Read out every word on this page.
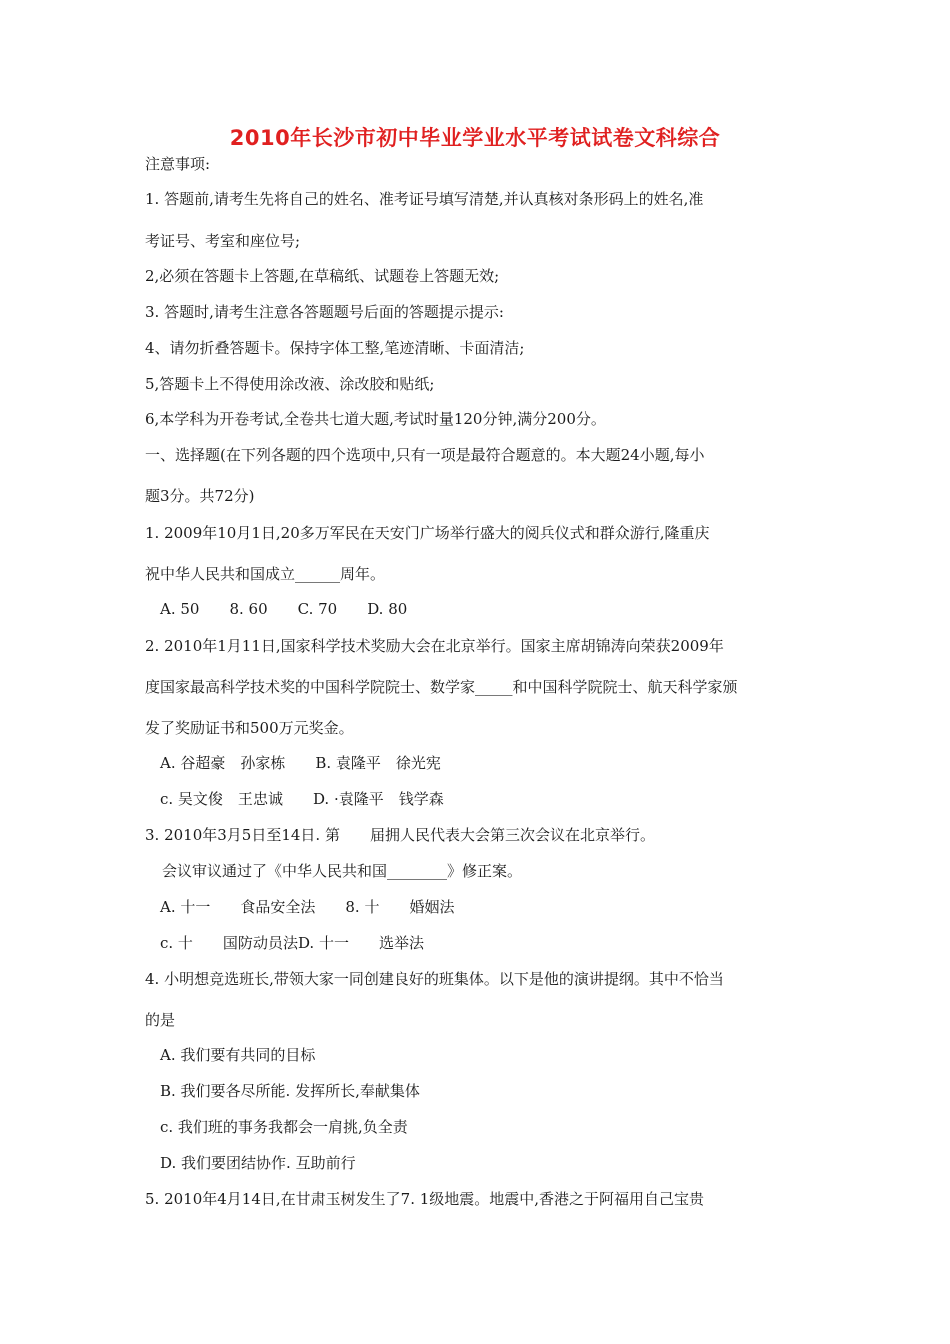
2010年长沙市初中毕业学业水平考试试卷文科综合
注意事项:
1. 答题前,请考生先将自己的姓名、准考证号填写清楚,并认真核对条形码上的姓名,准
考证号、考室和座位号;
2,必须在答题卡上答题,在草稿纸、试题卷上答题无效;
3. 答题时,请考生注意各答题题号后面的答题提示提示:
4、请勿折叠答题卡。保持字体工整,笔迹清晰、卡面清洁;
5,答题卡上不得使用涂改液、涂改胶和贴纸;
6,本学科为开卷考试,全卷共七道大题,考试时量120分钟,满分200分。
一、选择题(在下列各题的四个选项中,只有一项是最符合题意的。本大题24小题,每小
题3分。共72分)
1. 2009年10月1日,20多万军民在天安门广场举行盛大的阅兵仪式和群众游行,隆重庆
祝中华人民共和国成立______周年。
A. 50　　8. 60　　C. 70　　D. 80
2. 2010年1月11日,国家科学技术奖励大会在北京举行。国家主席胡锦涛向荣获2009年
度国家最高科学技术奖的中国科学院院士、数学家_____和中国科学院院士、航天科学家颁
发了奖励证书和500万元奖金。
A. 谷超豪　孙家栋　　B. 袁隆平　徐光宪
c. 吴文俊　王忠诚　　D. ·袁隆平　钱学森
3. 2010年3月5日至14日. 第　　届拥人民代表大会第三次会议在北京举行。
会议审议通过了《中华人民共和国________》修正案。
A. 十一　　食品安全法　　8. 十　　婚姻法
c. 十　　国防动员法D. 十一　　选举法
4. 小明想竞选班长,带领大家一同创建良好的班集体。以下是他的演讲提纲。其中不恰当
的是
A. 我们要有共同的目标
B. 我们要各尽所能. 发挥所长,奉献集体
c. 我们班的事务我都会一肩挑,负全责
D. 我们要团结协作. 互助前行
5. 2010年4月14日,在甘肃玉树发生了7. 1级地震。地震中,香港之于阿福用自己宝贵
